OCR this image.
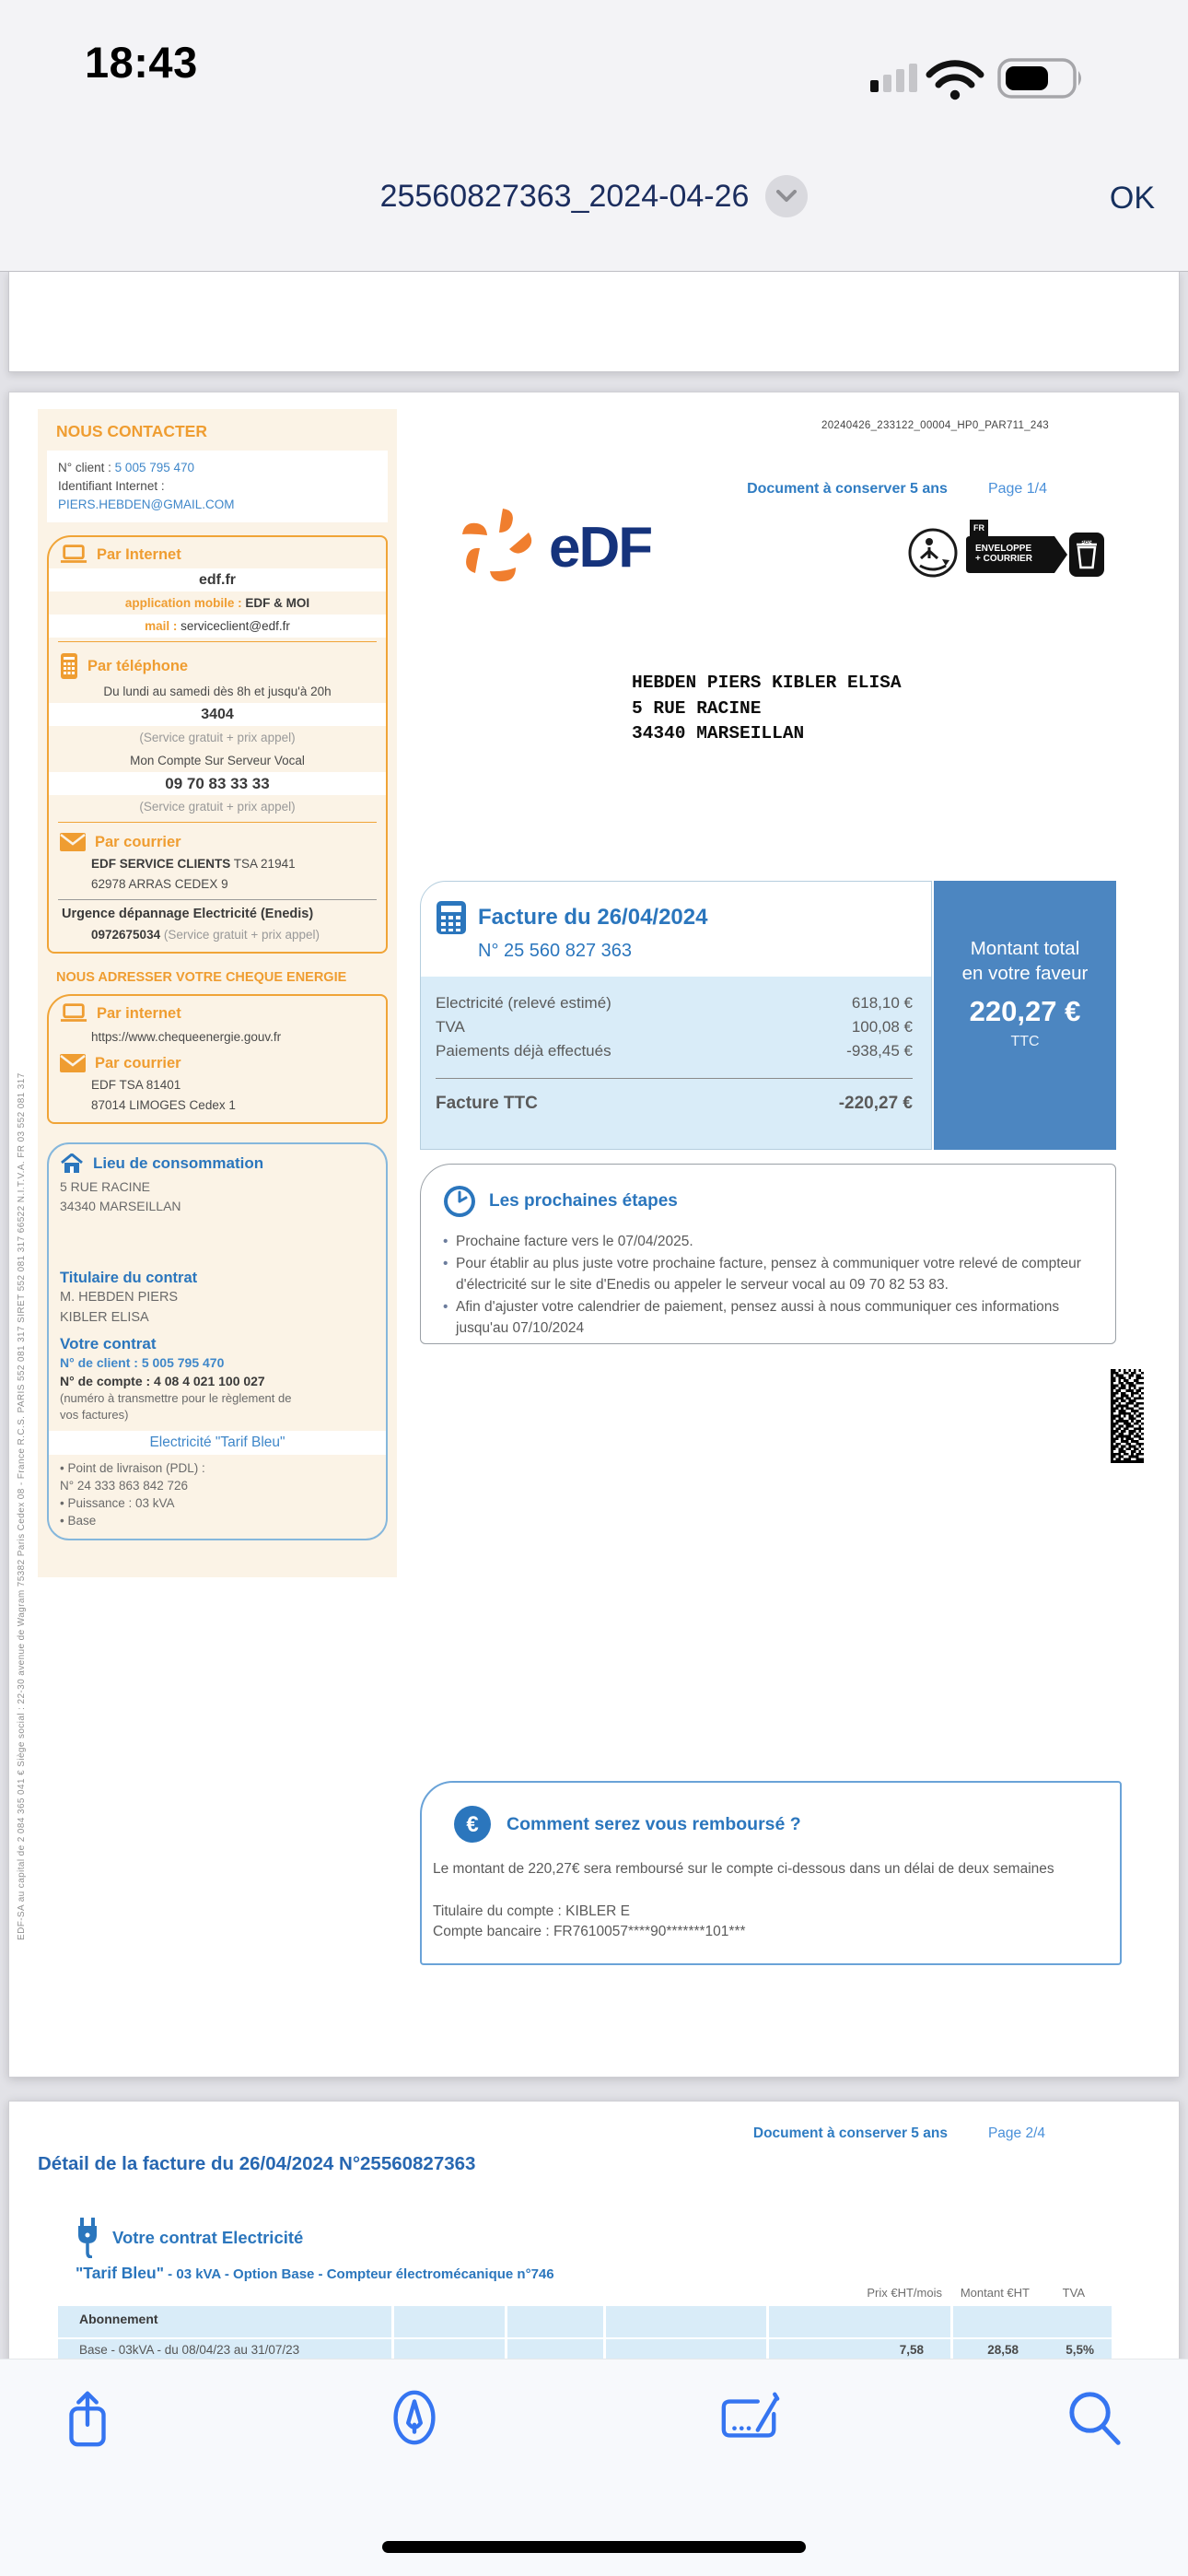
18:43
25560827363_2024-04-26	OK
EDF-SA au capital de 2 084 365 041 € Siège social : 22-30 avenue de Wagram 75382 Paris Cedex 08 - France R.C.S. PARIS 552 081 317 SIRET 552 081 317 66522 N.I.T.V.A. FR 03 552 081 317
NOUS CONTACTER
N° client : 5 005 795 470
Identifiant Internet :
PIERS.HEBDEN@GMAIL.COM
Par Internet
edf.fr
application mobile : EDF & MOI
mail : serviceclient@edf.fr
Par téléphone
Du lundi au samedi dès 8h et jusqu'à 20h
3404
(Service gratuit + prix appel)
Mon Compte Sur Serveur Vocal
09 70 83 33 33
(Service gratuit + prix appel)
Par courrier
EDF SERVICE CLIENTS TSA 21941
62978 ARRAS CEDEX 9
Urgence dépannage Electricité (Enedis)
0972675034 (Service gratuit + prix appel)
NOUS ADRESSER VOTRE CHEQUE ENERGIE
Par internet
https://www.chequeenergie.gouv.fr
Par courrier
EDF TSA 81401
87014 LIMOGES Cedex 1
Lieu de consommation
5 RUE RACINE
34340 MARSEILLAN
Titulaire du contrat
M. HEBDEN PIERS
KIBLER ELISA
Votre contrat
N° de client : 5 005 795 470
N° de compte : 4 08 4 021 100 027
(numéro à transmettre pour le règlement de
vos factures)
Electricité "Tarif Bleu"
• Point de livraison (PDL) :
N° 24 333 863 842 726
• Puissance : 03 kVA
• Base
20240426_233122_00004_HP0_PAR711_243
Document à conserver 5 ans	Page 1/4
eDF	FR
ENVELOPPE
+ COURRIER
BAC
HEBDEN PIERS KIBLER ELISA
5 RUE RACINE
34340 MARSEILLAN
Facture du 26/04/2024
N° 25 560 827 363
Electricité (relevé estimé)	618,10 €
TVA	100,08 €
Paiements déjà effectués	-938,45 €
Facture TTC	-220,27 €
Montant total
en votre faveur
220,27 €
TTC
Les prochaines étapes
• Prochaine facture vers le 07/04/2025.
• Pour établir au plus juste votre prochaine facture, pensez à communiquer votre relevé de compteur d'électricité sur le site d'Enedis ou appeler le serveur vocal au 09 70 82 53 83.
• Afin d'ajuster votre calendrier de paiement, pensez aussi à nous communiquer ces informations jusqu'au 07/10/2024
€ Comment serez vous remboursé ?
Le montant de 220,27€ sera remboursé sur le compte ci-dessous dans un délai de deux semaines
Titulaire du compte : KIBLER E
Compte bancaire : FR7610057****90*******101***
Document à conserver 5 ans	Page 2/4
Détail de la facture du 26/04/2024 N°25560827363
Votre contrat Electricité
"Tarif Bleu" - 03 kVA - Option Base - Compteur électromécanique n°746
Prix €HT/mois	Montant €HT	TVA
Abonnement
Base - 03kVA - du 08/04/23 au 31/07/23	7,58	28,58	5,5%
